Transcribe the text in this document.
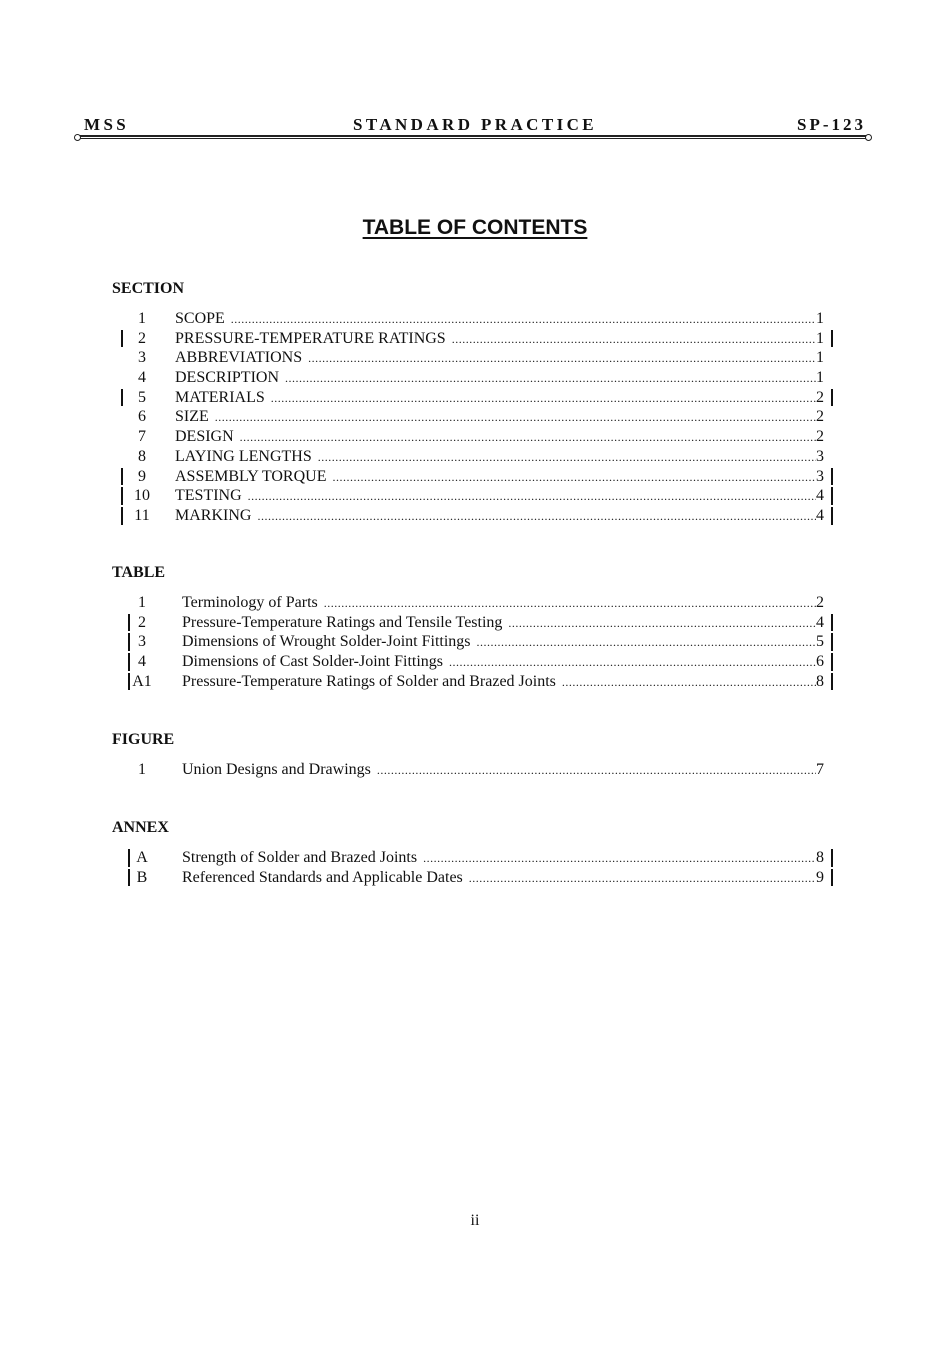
MSS	STANDARD PRACTICE	SP-123
TABLE OF CONTENTS
SECTION
1	SCOPE .....	1
2	PRESSURE-TEMPERATURE RATINGS .....	1
3	ABBREVIATIONS .....	1
4	DESCRIPTION .....	1
5	MATERIALS .....	2
6	SIZE .....	2
7	DESIGN .....	2
8	LAYING LENGTHS .....	3
9	ASSEMBLY TORQUE .....	3
10	TESTING .....	4
11	MARKING .....	4
TABLE
1	Terminology of Parts .....	2
2	Pressure-Temperature Ratings and Tensile Testing .....	4
3	Dimensions of Wrought Solder-Joint Fittings .....	5
4	Dimensions of Cast Solder-Joint Fittings .....	6
A1	Pressure-Temperature Ratings of Solder and Brazed Joints .....	8
FIGURE
1	Union Designs and Drawings .....	7
ANNEX
A	Strength of Solder and Brazed Joints .....	8
B	Referenced Standards and Applicable Dates .....	9
ii
